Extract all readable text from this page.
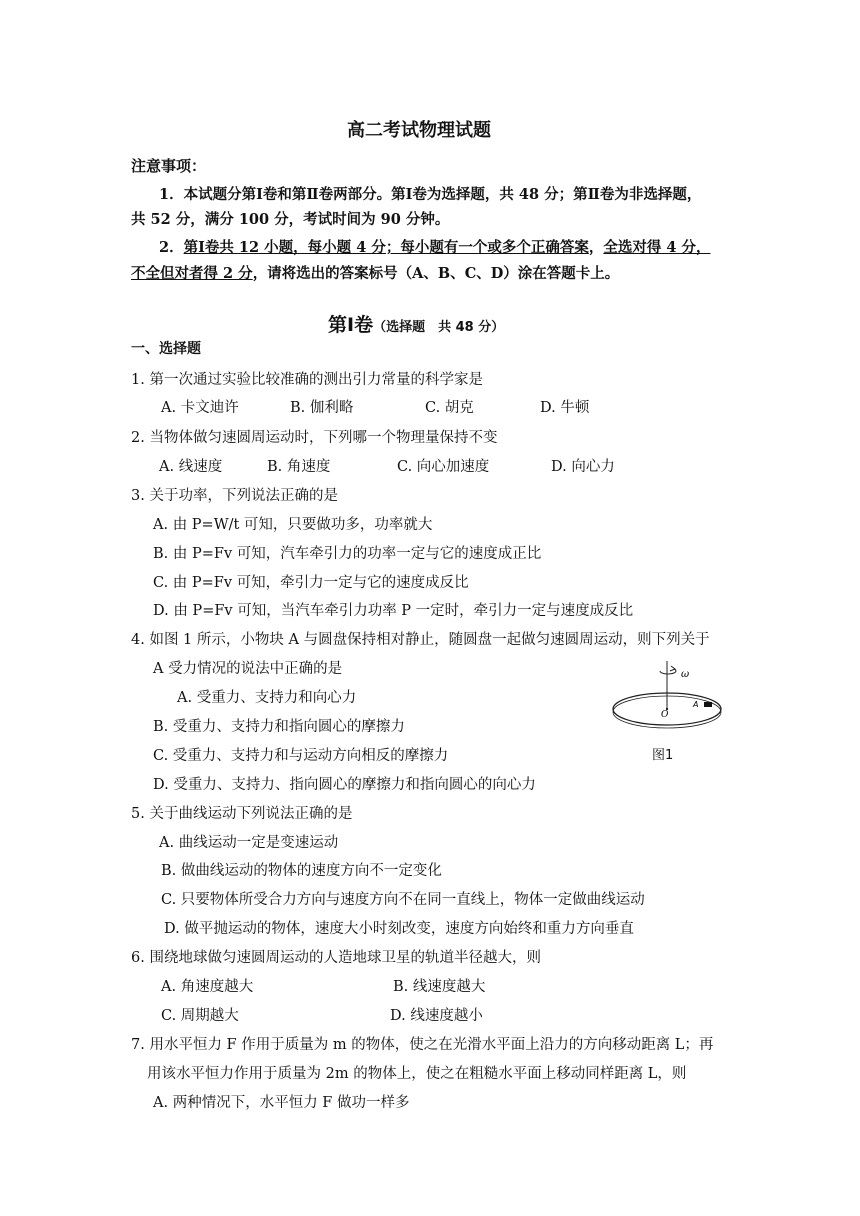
高二考试物理试题
注意事项：
1．本试题分第Ⅰ卷和第Ⅱ卷两部分。第Ⅰ卷为选择题，共 48 分；第Ⅱ卷为非选择题，
共 52 分，满分 100 分，考试时间为 90 分钟。
2．第Ⅰ卷共 12 小题，每小题 4 分；每小题有一个或多个正确答案，全选对得 4 分，
不全但对者得 2 分，请将选出的答案标号（A、B、C、D）涂在答题卡上。
第Ⅰ卷（选择题　共 48 分）
一、选择题
1. 第一次通过实验比较准确的测出引力常量的科学家是
A. 卡文迪许	B. 伽利略	C. 胡克	D. 牛顿
2. 当物体做匀速圆周运动时，下列哪一个物理量保持不变
A. 线速度	B. 角速度	C. 向心加速度	D. 向心力
3. 关于功率，下列说法正确的是
A. 由 P=W/t 可知，只要做功多，功率就大
B. 由 P=Fv 可知，汽车牵引力的功率一定与它的速度成正比
C. 由 P=Fv 可知，牵引力一定与它的速度成反比
D. 由 P=Fv 可知，当汽车牵引力功率 P 一定时，牵引力一定与速度成反比
4. 如图 1 所示，小物块 A 与圆盘保持相对静止，随圆盘一起做匀速圆周运动，则下列关于
A 受力情况的说法中正确的是
A. 受重力、支持力和向心力
B. 受重力、支持力和指向圆心的摩擦力
C. 受重力、支持力和与运动方向相反的摩擦力
D. 受重力、支持力、指向圆心的摩擦力和指向圆心的向心力
ω
O
A
图1
5. 关于曲线运动下列说法正确的是
A. 曲线运动一定是变速运动
B. 做曲线运动的物体的速度方向不一定变化
C. 只要物体所受合力方向与速度方向不在同一直线上，物体一定做曲线运动
D. 做平抛运动的物体，速度大小时刻改变，速度方向始终和重力方向垂直
6. 围绕地球做匀速圆周运动的人造地球卫星的轨道半径越大，则
A. 角速度越大	B. 线速度越大
C. 周期越大	D. 线速度越小
7. 用水平恒力 F 作用于质量为 m 的物体，使之在光滑水平面上沿力的方向移动距离 L；再
用该水平恒力作用于质量为 2m 的物体上，使之在粗糙水平面上移动同样距离 L，则
A. 两种情况下，水平恒力 F 做功一样多
